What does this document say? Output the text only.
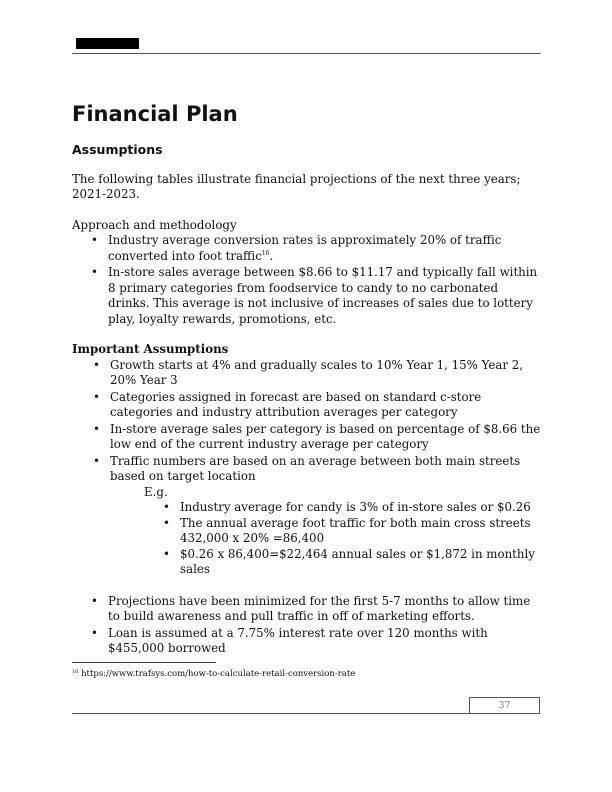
Financial Plan
Assumptions

The following tables illustrate financial projections of the next three years; 2021-2023.

Approach and methodology
• Industry average conversion rates is approximately 20% of traffic converted into foot traffic$^{16}$.
• In-store sales average between $8.66 to $11.17 and typically fall within 8 primary categories from foodservice to candy to no carbonated drinks. This average is not inclusive of increases of sales due to lottery play, loyalty rewards, promotions, etc.
Important Assumptions
• Growth starts at 4% and gradually scales to 10% Year 1, 15% Year 2, 20% Year 3
• Categories assigned in forecast are based on standard c-store categories and industry attribution averages per category
• In-store average sales per category is based on percentage of $8.66 the low end of the current industry average per category
• Traffic numbers are based on an average between both main streets based on target location
E.g.
• Industry average for candy is 3% of in-store sales or $0.26
• The annual average foot traffic for both main cross streets 432,000 x 20% =86,400
• $0.26 x 86,400=$22,464 annual sales or $1,872 in monthly sales
• Projections have been minimized for the first 5-7 months to allow time to build awareness and pull traffic in off of marketing efforts.
• Loan is assumed at a 7.75% interest rate over 120 months with $455,000 borrowed
$^{16}$ https://www.trafsys.com/how-to-calculate-retail-conversion-rate
37
